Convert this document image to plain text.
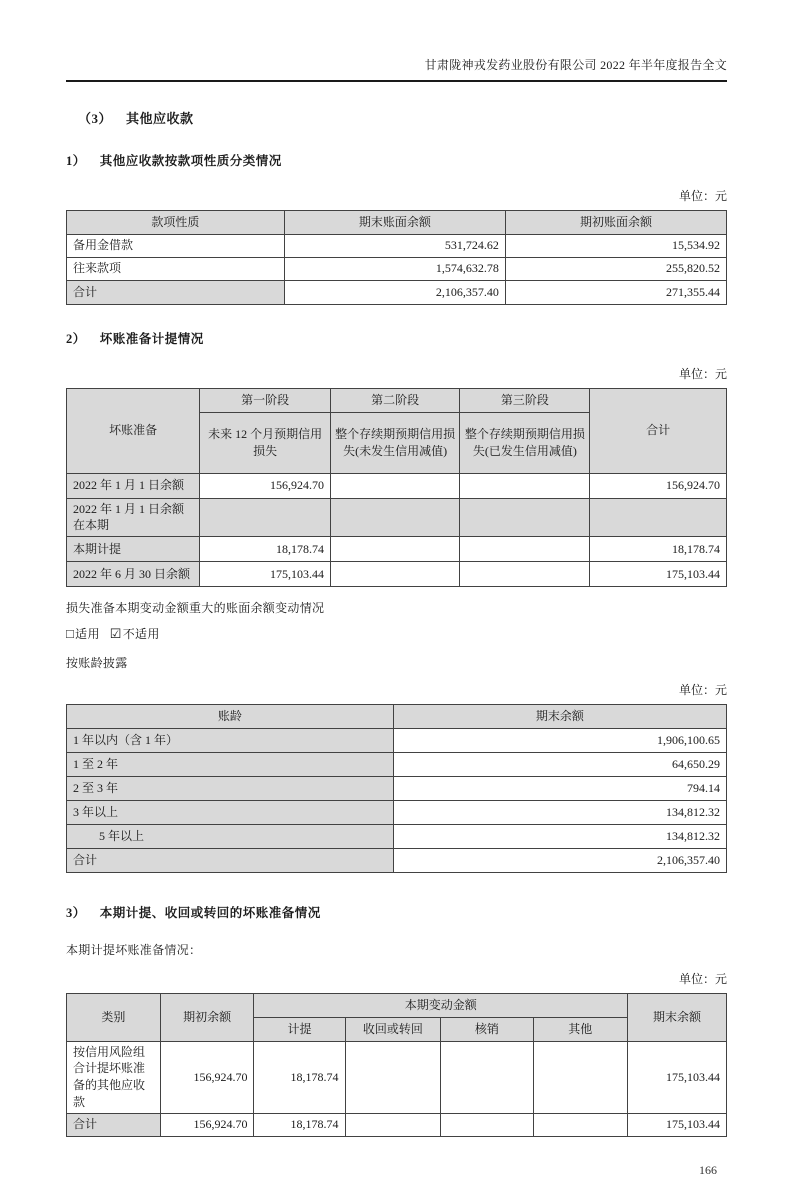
甘肃陇神戎发药业股份有限公司 2022 年半年度报告全文
（3） 其他应收款
1） 其他应收款按款项性质分类情况
单位：元
款项性质	期末账面余额	期初账面余额
备用金借款	531,724.62	15,534.92
往来款项	1,574,632.78	255,820.52
合计	2,106,357.40	271,355.44
2） 坏账准备计提情况
单位：元
坏账准备	第一阶段	第二阶段	第三阶段	合计
	未来 12 个月预期信用损失	整个存续期预期信用损失(未发生信用减值)	整个存续期预期信用损失(已发生信用减值)	
2022 年 1 月 1 日余额	156,924.70			156,924.70
2022 年 1 月 1 日余额在本期				
本期计提	18,178.74			18,178.74
2022 年 6 月 30 日余额	175,103.44			175,103.44
损失准备本期变动金额重大的账面余额变动情况
□适用 ☑不适用
按账龄披露
单位：元
账龄	期末余额
1 年以内（含 1 年）	1,906,100.65
1 至 2 年	64,650.29
2 至 3 年	794.14
3 年以上	134,812.32
5 年以上	134,812.32
合计	2,106,357.40
3） 本期计提、收回或转回的坏账准备情况
本期计提坏账准备情况：
单位：元
类别	期初余额	本期变动金额				期末余额
		计提	收回或转回	核销	其他	
按信用风险组合计提坏账准备的其他应收款	156,924.70	18,178.74				175,103.44
合计	156,924.70	18,178.74				175,103.44
166
